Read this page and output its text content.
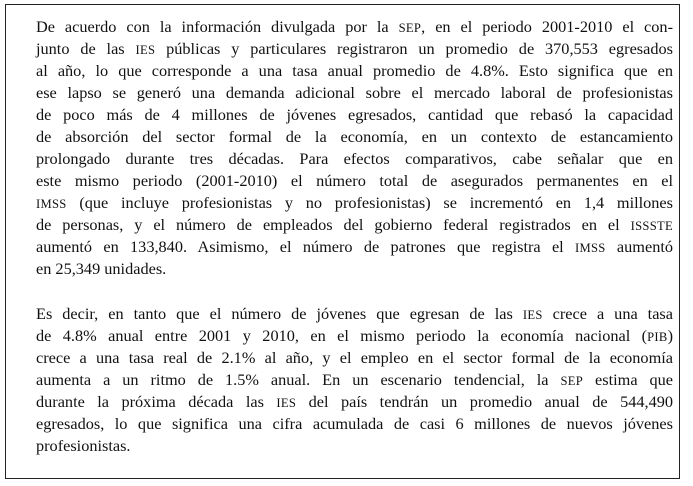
De acuerdo con la información divulgada por la SEP, en el periodo 2001-2010 el con-
junto de las IES públicas y particulares registraron un promedio de 370,553 egresados
al año, lo que corresponde a una tasa anual promedio de 4.8%. Esto significa que en
ese lapso se generó una demanda adicional sobre el mercado laboral de profesionistas
de poco más de 4 millones de jóvenes egresados, cantidad que rebasó la capacidad
de absorción del sector formal de la economía, en un contexto de estancamiento
prolongado durante tres décadas. Para efectos comparativos, cabe señalar que en
este mismo periodo (2001-2010) el número total de asegurados permanentes en el
IMSS (que incluye profesionistas y no profesionistas) se incrementó en 1,4 millones
de personas, y el número de empleados del gobierno federal registrados en el ISSSTE
aumentó en 133,840. Asimismo, el número de patrones que registra el IMSS aumentó
en 25,349 unidades.
Es decir, en tanto que el número de jóvenes que egresan de las IES crece a una tasa
de 4.8% anual entre 2001 y 2010, en el mismo periodo la economía nacional (PIB)
crece a una tasa real de 2.1% al año, y el empleo en el sector formal de la economía
aumenta a un ritmo de 1.5% anual. En un escenario tendencial, la SEP estima que
durante la próxima década las IES del país tendrán un promedio anual de 544,490
egresados, lo que significa una cifra acumulada de casi 6 millones de nuevos jóvenes
profesionistas.
